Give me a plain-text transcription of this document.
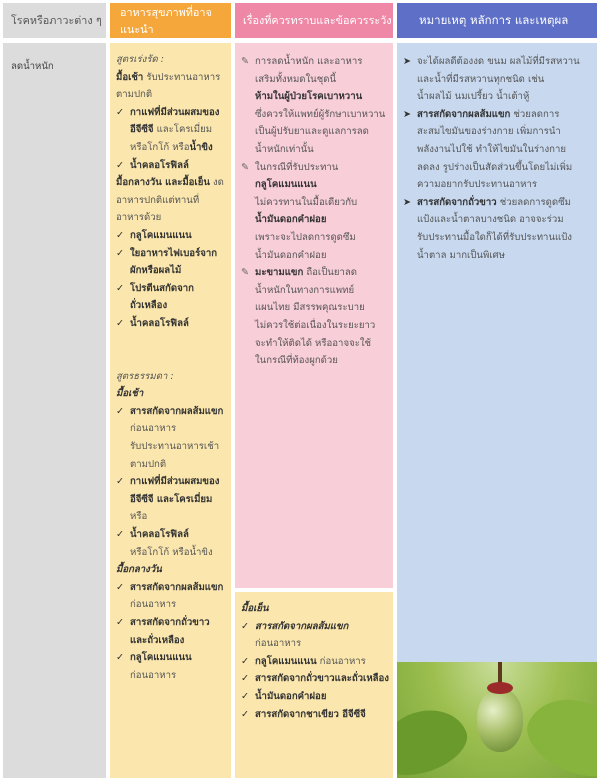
โรคหรือภาวะต่าง ๆ
อาหารสุขภาพที่อาจแนะนำ
เรื่องที่ควรทราบและข้อควรระวัง หมายเหตุ หลักการ และเหตุผล
ลดน้ำหนัก
สูตรเร่งรัด :
มื้อเช้า รับประทานอาหาร
ตามปกติ
✓ กาแฟที่มีส่วนผสมของ
อีจีซีจี และโครเมี่ยม
หรือโกโก้ หรือน้ำขิง
✓ น้ำคลอโรฟิลล์
มื้อกลางวัน และมื้อเย็น งด
อาหารปกติแต่ทานที่
อาหารด้วย
✓ กลูโคแมนแนน
✓ ใยอาหารไฟเบอร์จาก
ผักหรือผลไม้
✓ โปรตีนสกัดจาก
ถั่วเหลือง
✓ น้ำคลอโรฟิลล์
สูตรธรรมดา :
มื้อเช้า
✓ สารสกัดจากผลส้มแขก
ก่อนอาหาร
รับประทานอาหารเช้า
ตามปกติ
✓ กาแฟที่มีส่วนผสมของ
อีจีซีจี และโครเมี่ยม
หรือ
✓ น้ำคลอโรฟิลล์
หรือโกโก้ หรือน้ำขิง
มื้อกลางวัน
✓ สารสกัดจากผลส้มแขก
ก่อนอาหาร
✓ สารสกัดจากถั่วขาว
และถั่วเหลือง
✓ กลูโคแมนแนน
ก่อนอาหาร
✎ การลดน้ำหนัก และอาหาร
เสริมทั้งหมดในชุดนี้
ห้ามในผู้ป่วยโรคเบาหวาน
ซึ่งควรให้แพทย์ผู้รักษาเบาหวาน
เป็นผู้ปรับยาและดูแลการลด
น้ำหนักเท่านั้น
✎ ในกรณีที่รับประทาน
กลูโคแมนแนน
ไม่ควรทานในมื้อเดียวกับ
น้ำมันดอกคำฝอย
เพราะจะไปลดการดูดซึม
น้ำมันดอกคำฝอย
✎ มะขามแขก ถือเป็นยาลด
น้ำหนักในทางการแพทย์
แผนไทย มีสรรพคุณระบาย
ไม่ควรใช้ต่อเนื่องในระยะยาว
จะทำให้ติดได้ หรืออาจจะใช้
ในกรณีที่ท้องผูกด้วย
มื้อเย็น
✓ สารสกัดจากผลส้มแขก
ก่อนอาหาร
✓ กลูโคแมนแนน ก่อนอาหาร
✓ สารสกัดจากถั่วขาวและถั่วเหลือง
✓ น้ำมันดอกคำฝอย
✓ สารสกัดจากชาเขียว อีจีซีจี
➤ จะได้ผลดีต้องงด ขนม ผลไม้ที่มีรสหวาน
และน้ำที่มีรสหวานทุกชนิด เช่น
น้ำผลไม้ นมเปรี้ยว น้ำเต้าหู้
➤ สารสกัดจากผลส้มแขก ช่วยลดการ
สะสมไขมันของร่างกาย เพิ่มการนำ
พลังงานไปใช้ ทำให้ไขมันในร่างกาย
ลดลง รูปร่างเป็นสัดส่วนขึ้นโดยไม่เพิ่ม
ความอยากรับประทานอาหาร
➤ สารสกัดจากถั่วขาว ช่วยลดการดูดซึม
แป้งและน้ำตาลบางชนิด อาจจะร่วม
รับประทานมื้อใดก็ได้ที่รับประทานแป้ง
น้ำตาล มากเป็นพิเศษ
